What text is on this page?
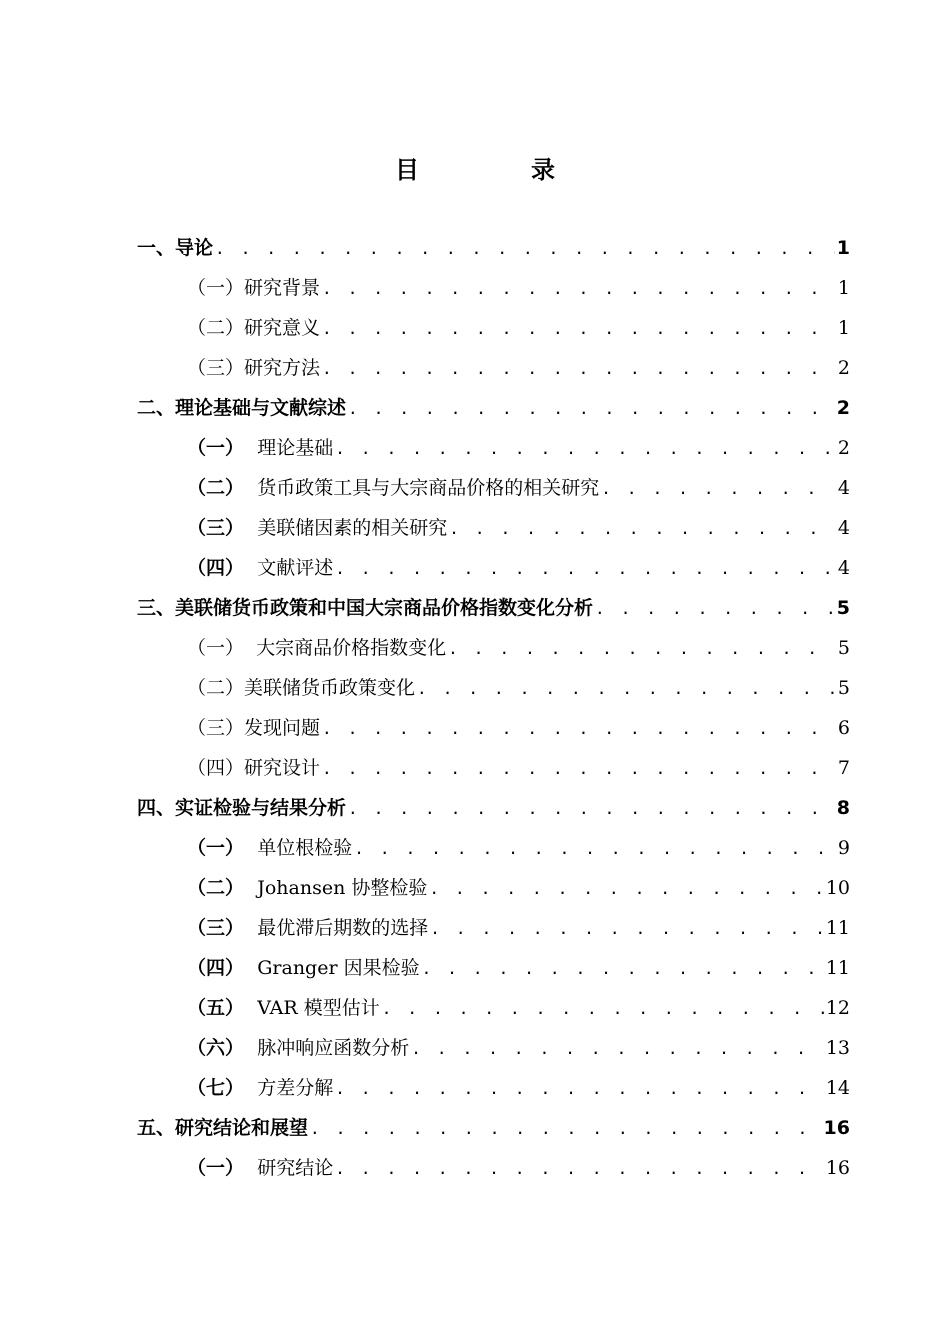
目　录
一、 导论 . . .	1
（一） 研究背景 . . .	1
（二） 研究意义 . . .	1
（三） 研究方法 . . .	2
二、 理论基础与文献综述 . . .	2
（一） 理论基础 . . .	2
（二） 货币政策工具与大宗商品价格的相关研究 . . .	4
（三） 美联储因素的相关研究 . . .	4
（四） 文献评述 . . .	4
三、 美联储货币政策和中国大宗商品价格指数变化分析 . . .	5
（一） 大宗商品价格指数变化 . . .	5
（二） 美联储货币政策变化 . . .	5
（三） 发现问题 . . .	6
（四） 研究设计 . . .	7
四、 实证检验与结果分析 . . .	8
（一） 单位根检验 . . .	9
（二） Johansen 协整检验 . . .	10
（三） 最优滞后期数的选择 . . .	11
（四） Granger 因果检验 . . .	11
（五） VAR 模型估计 . . .	12
（六） 脉冲响应函数分析 . . .	13
（七） 方差分解 . . .	14
五、 研究结论和展望 . . .	16
（一） 研究结论 . . .	16
